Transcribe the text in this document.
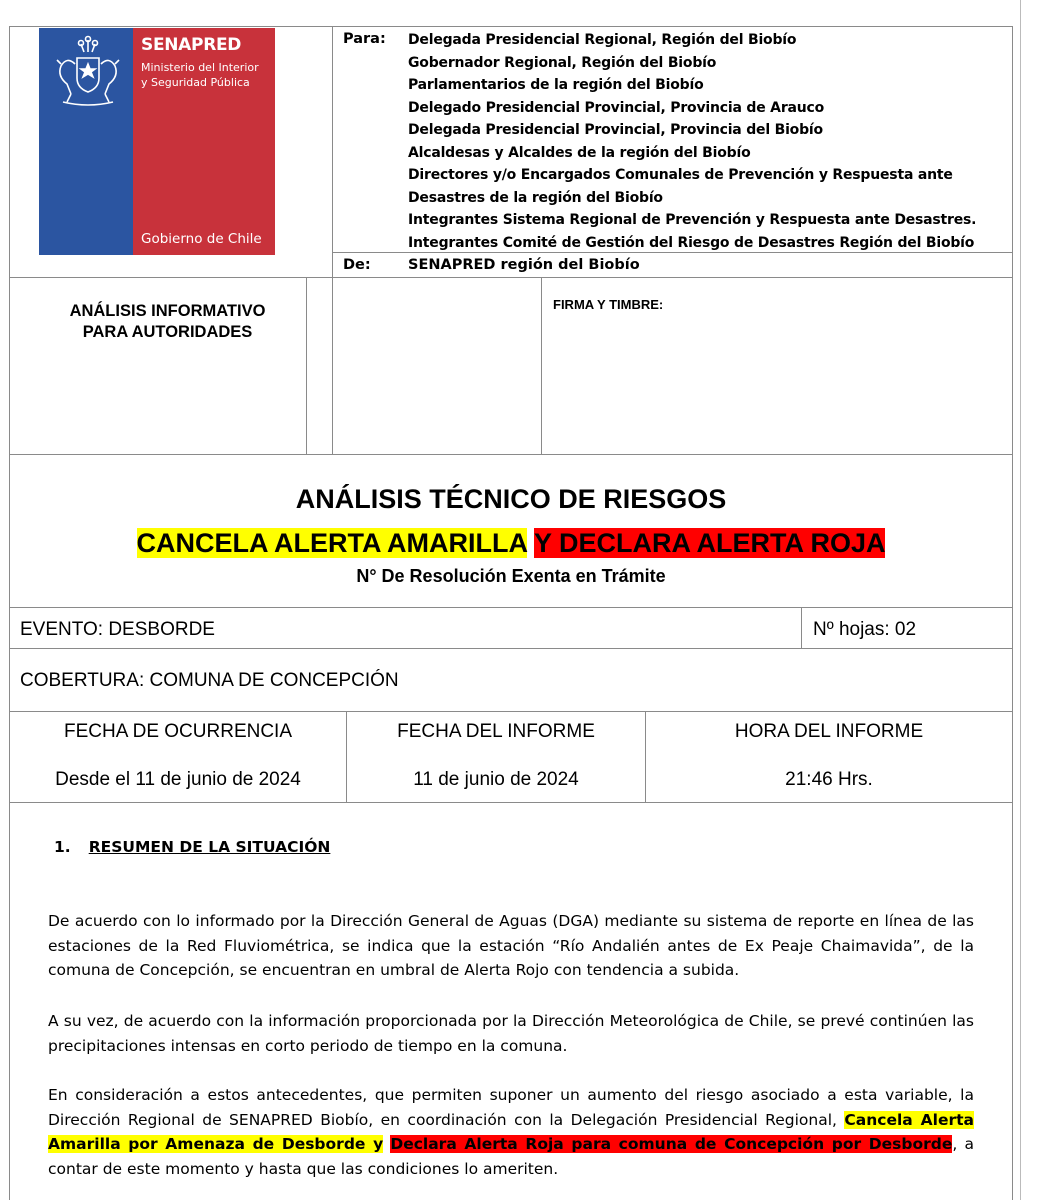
SENAPRED
Ministerio del Interior
y Seguridad Pública
Gobierno de Chile
Para: Delegada Presidencial Regional, Región del Biobío
Gobernador Regional, Región del Biobío
Parlamentarios de la región del Biobío
Delegado Presidencial Provincial, Provincia de Arauco
Delegada Presidencial Provincial, Provincia del Biobío
Alcaldesas y Alcaldes de la región del Biobío
Directores y/o Encargados Comunales de Prevención y Respuesta ante
Desastres de la región del Biobío
Integrantes Sistema Regional de Prevención y Respuesta ante Desastres.
Integrantes Comité de Gestión del Riesgo de Desastres Región del Biobío
De:	SENAPRED región del Biobío
ANÁLISIS INFORMATIVO
PARA AUTORIDADES
FIRMA Y TIMBRE:
ANÁLISIS TÉCNICO DE RIESGOS
CANCELA ALERTA AMARILLA Y DECLARA ALERTA ROJA
N° De Resolución Exenta en Trámite
EVENTO: DESBORDE	Nº hojas: 02
COBERTURA: COMUNA DE CONCEPCIÓN
FECHA DE OCURRENCIA
Desde el 11 de junio de 2024
FECHA DEL INFORME
11 de junio de 2024
HORA DEL INFORME
21:46 Hrs.
1. RESUMEN DE LA SITUACIÓN
De acuerdo con lo informado por la Dirección General de Aguas (DGA) mediante su sistema de reporte en línea de las estaciones de la Red Fluviométrica, se indica que la estación “Río Andalién antes de Ex Peaje Chaimavida”, de la comuna de Concepción, se encuentran en umbral de Alerta Rojo con tendencia a subida.
A su vez, de acuerdo con la información proporcionada por la Dirección Meteorológica de Chile, se prevé continúen las precipitaciones intensas en corto periodo de tiempo en la comuna.
En consideración a estos antecedentes, que permiten suponer un aumento del riesgo asociado a esta variable, la Dirección Regional de SENAPRED Biobío, en coordinación con la Delegación Presidencial Regional, Cancela Alerta Amarilla por Amenaza de Desborde y Declara Alerta Roja para comuna de Concepción por Desborde, a contar de este momento y hasta que las condiciones lo ameriten.
